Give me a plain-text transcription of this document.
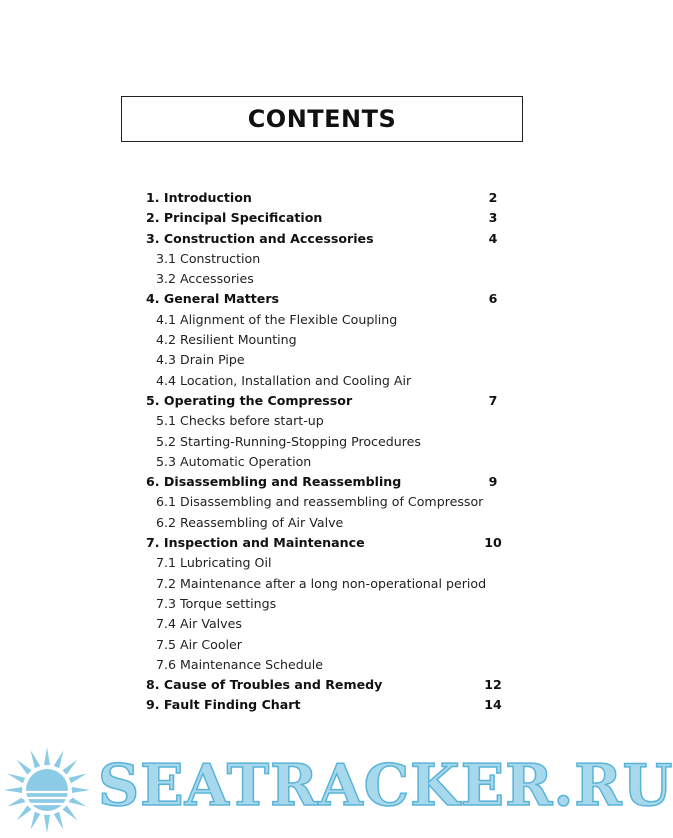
CONTENTS
1. Introduction	2
2. Principal Specification	3
3. Construction and Accessories	4
3.1 Construction
3.2 Accessories
4. General Matters	6
4.1 Alignment of the Flexible Coupling
4.2 Resilient Mounting
4.3 Drain Pipe
4.4 Location, Installation and Cooling Air
5. Operating the Compressor	7
5.1 Checks before start-up
5.2 Starting-Running-Stopping Procedures
5.3 Automatic Operation
6. Disassembling and Reassembling	9
6.1 Disassembling and reassembling of Compressor
6.2 Reassembling of Air Valve
7. Inspection and Maintenance	10
7.1 Lubricating Oil
7.2 Maintenance after a long non-operational period
7.3 Torque settings
7.4 Air Valves
7.5 Air Cooler
7.6 Maintenance Schedule
8. Cause of Troubles and Remedy	12
9. Fault Finding Chart	14
SEATRACKER.RU
